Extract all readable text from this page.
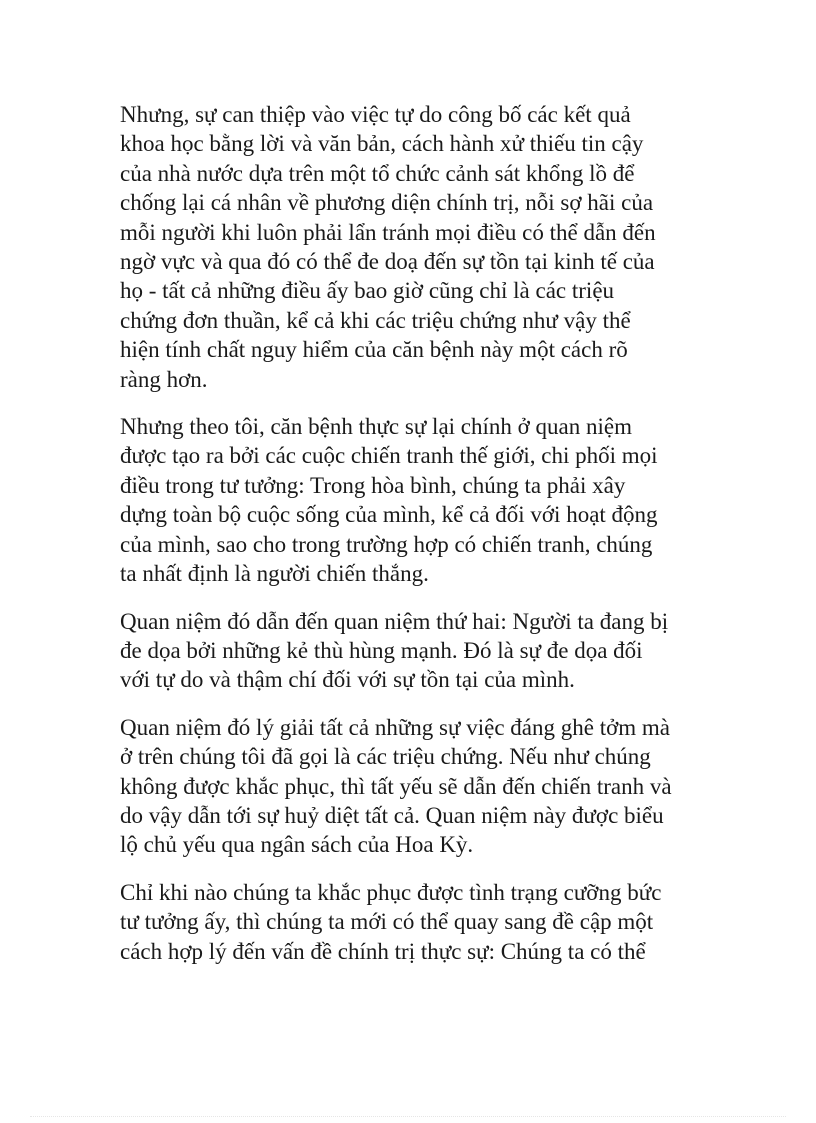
Nhưng, sự can thiệp vào việc tự do công bố các kết quả
khoa học bằng lời và văn bản, cách hành xử thiếu tin cậy
của nhà nước dựa trên một tổ chức cảnh sát khổng lồ để
chống lại cá nhân về phương diện chính trị, nỗi sợ hãi của
mỗi người khi luôn phải lẩn tránh mọi điều có thể dẫn đến
ngờ vực và qua đó có thể đe doạ đến sự tồn tại kinh tế của
họ - tất cả những điều ấy bao giờ cũng chỉ là các triệu
chứng đơn thuần, kể cả khi các triệu chứng như vậy thể
hiện tính chất nguy hiểm của căn bệnh này một cách rõ
ràng hơn.

Nhưng theo tôi, căn bệnh thực sự lại chính ở quan niệm
được tạo ra bởi các cuộc chiến tranh thế giới, chi phối mọi
điều trong tư tưởng: Trong hòa bình, chúng ta phải xây
dựng toàn bộ cuộc sống của mình, kể cả đối với hoạt động
của mình, sao cho trong trường hợp có chiến tranh, chúng
ta nhất định là người chiến thắng.

Quan niệm đó dẫn đến quan niệm thứ hai: Người ta đang bị
đe dọa bởi những kẻ thù hùng mạnh. Đó là sự đe dọa đối
với tự do và thậm chí đối với sự tồn tại của mình.

Quan niệm đó lý giải tất cả những sự việc đáng ghê tởm mà
ở trên chúng tôi đã gọi là các triệu chứng. Nếu như chúng
không được khắc phục, thì tất yếu sẽ dẫn đến chiến tranh và
do vậy dẫn tới sự huỷ diệt tất cả. Quan niệm này được biểu
lộ chủ yếu qua ngân sách của Hoa Kỳ.

Chỉ khi nào chúng ta khắc phục được tình trạng cưỡng bức
tư tưởng ấy, thì chúng ta mới có thể quay sang đề cập một
cách hợp lý đến vấn đề chính trị thực sự: Chúng ta có thể
